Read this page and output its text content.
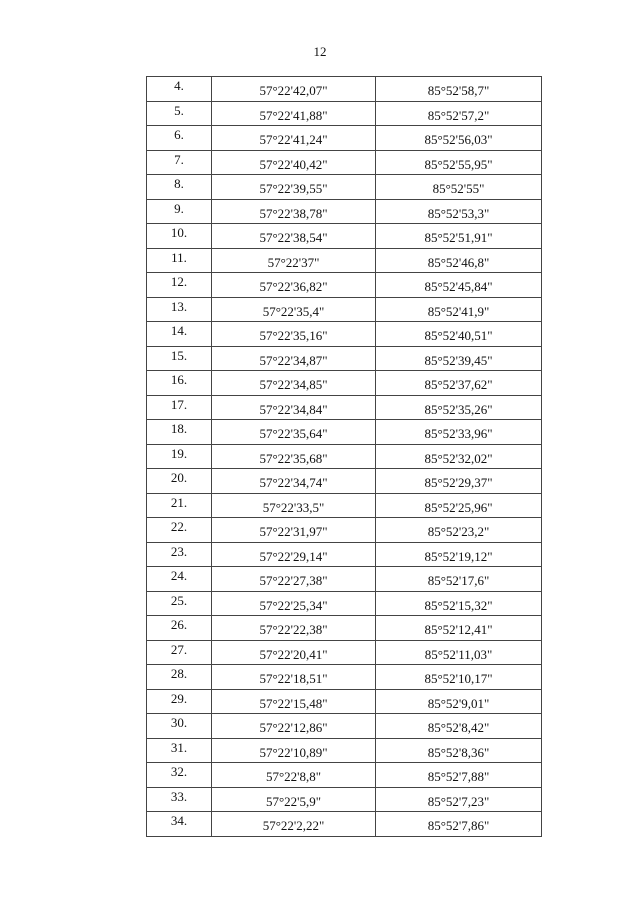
12
4.	57°22'42,07"	85°52'58,7"
5.	57°22'41,88"	85°52'57,2"
6.	57°22'41,24"	85°52'56,03"
7.	57°22'40,42"	85°52'55,95"
8.	57°22'39,55"	85°52'55"
9.	57°22'38,78"	85°52'53,3"
10.	57°22'38,54"	85°52'51,91"
11.	57°22'37"	85°52'46,8"
12.	57°22'36,82"	85°52'45,84"
13.	57°22'35,4"	85°52'41,9"
14.	57°22'35,16"	85°52'40,51"
15.	57°22'34,87"	85°52'39,45"
16.	57°22'34,85"	85°52'37,62"
17.	57°22'34,84"	85°52'35,26"
18.	57°22'35,64"	85°52'33,96"
19.	57°22'35,68"	85°52'32,02"
20.	57°22'34,74"	85°52'29,37"
21.	57°22'33,5"	85°52'25,96"
22.	57°22'31,97"	85°52'23,2"
23.	57°22'29,14"	85°52'19,12"
24.	57°22'27,38"	85°52'17,6"
25.	57°22'25,34"	85°52'15,32"
26.	57°22'22,38"	85°52'12,41"
27.	57°22'20,41"	85°52'11,03"
28.	57°22'18,51"	85°52'10,17"
29.	57°22'15,48"	85°52'9,01"
30.	57°22'12,86"	85°52'8,42"
31.	57°22'10,89"	85°52'8,36"
32.	57°22'8,8"	85°52'7,88"
33.	57°22'5,9"	85°52'7,23"
34.	57°22'2,22"	85°52'7,86"
